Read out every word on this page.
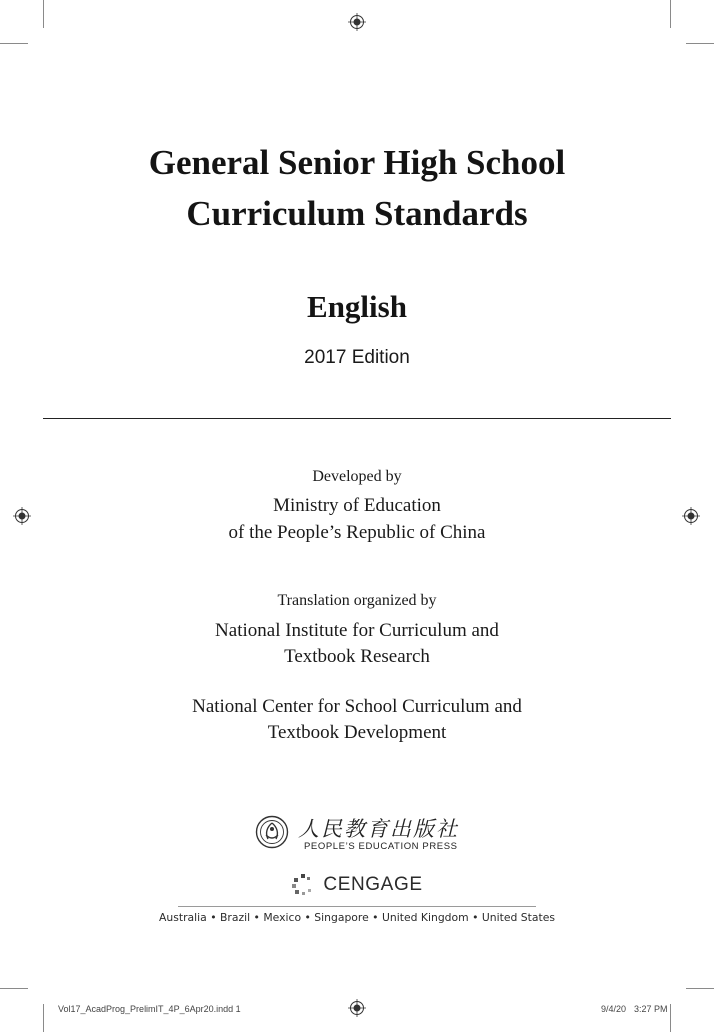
General Senior High School
Curriculum Standards
English
2017 Edition
Developed by
Ministry of Education
of the People’s Republic of China
Translation organized by
National Institute for Curriculum and
Textbook Research
National Center for School Curriculum and
Textbook Development
人民教育出版社
PEOPLE’S EDUCATION PRESS
CENGAGE
Australia • Brazil • Mexico • Singapore • United Kingdom • United States
Vol17_AcadProg_PrelimIT_4P_6Apr20.indd 1	9/4/20 3:27 PM
